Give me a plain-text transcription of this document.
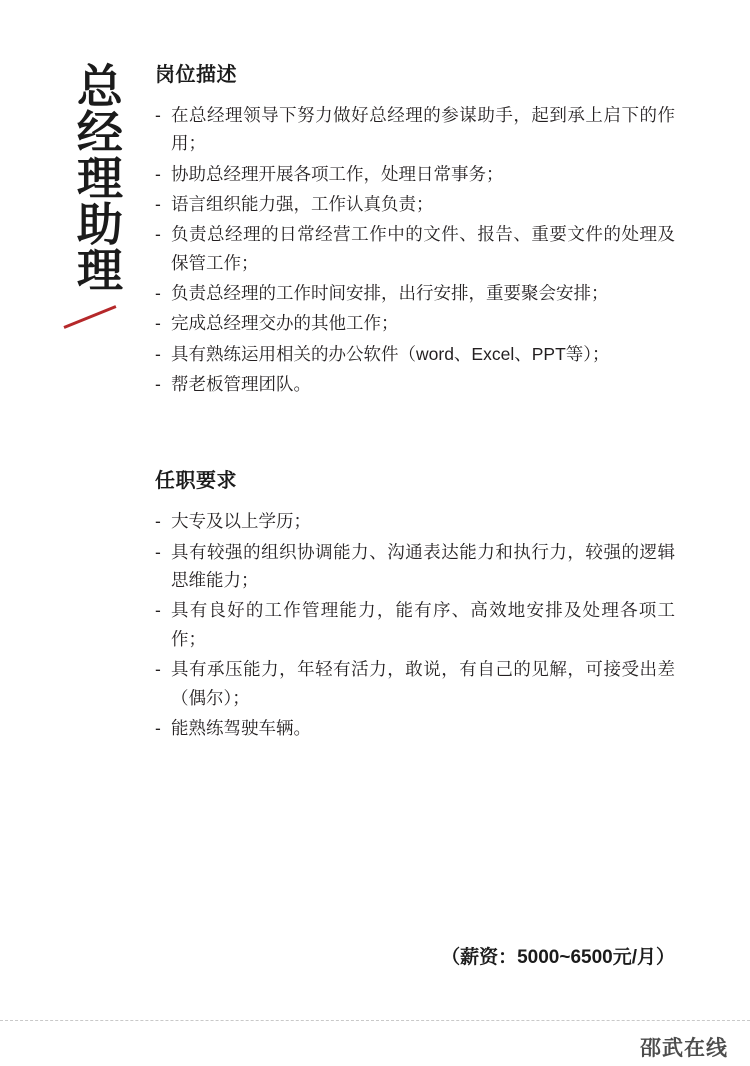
总经理助理 岗位描述
- 在总经理领导下努力做好总经理的参谋助手，起到承上启下的作用；
- 协助总经理开展各项工作，处理日常事务；
- 语言组织能力强，工作认真负责；
- 负责总经理的日常经营工作中的文件、报告、重要文件的处理及保管工作；
- 负责总经理的工作时间安排，出行安排，重要聚会安排；
- 完成总经理交办的其他工作；
- 具有熟练运用相关的办公软件（word、Excel、PPT等）；
- 帮老板管理团队。
任职要求
- 大专及以上学历；
- 具有较强的组织协调能力、沟通表达能力和执行力，较强的逻辑思维能力；
- 具有良好的工作管理能力，能有序、高效地安排及处理各项工作；
- 具有承压能力，年轻有活力，敢说，有自己的见解，可接受出差（偶尔）；
- 能熟练驾驶车辆。
（薪资：5000~6500元/月）
邵武在线
